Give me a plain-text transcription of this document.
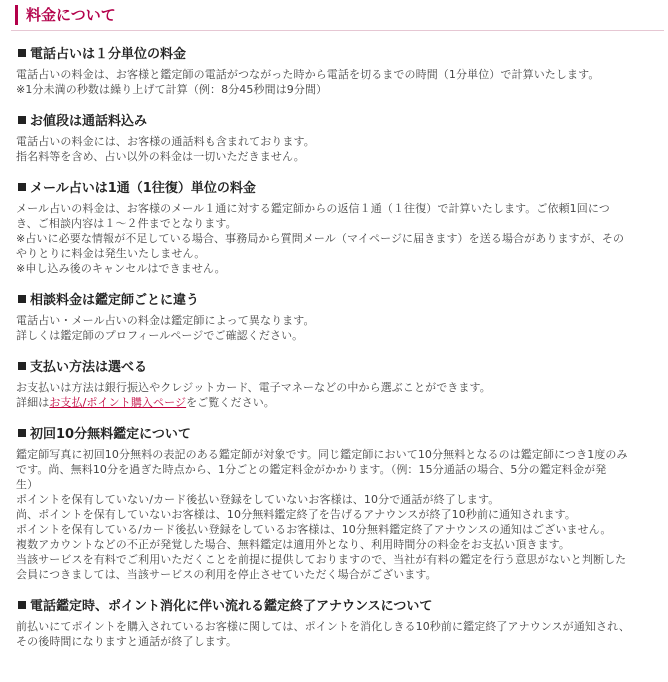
料金について
電話占いは１分単位の料金

電話占いの料金は、お客様と鑑定師の電話がつながった時から電話を切るまでの時間（1分単位）で計算いたします。
※1分未満の秒数は繰り上げて計算（例：8分45秒間は9分間）

お値段は通話料込み

電話占いの料金には、お客様の通話料も含まれております。
指名料等を含め、占い以外の料金は一切いただきません。

メール占いは1通（1往復）単位の料金

メール占いの料金は、お客様のメール１通に対する鑑定師からの返信１通（１往復）で計算いたします。ご依頼1回につ
き、ご相談内容は１～２件までとなります。
※占いに必要な情報が不足している場合、事務局から質問メール（マイページに届きます）を送る場合がありますが、その
やりとりに料金は発生いたしません。
※申し込み後のキャンセルはできません。

相談料金は鑑定師ごとに違う

電話占い・メール占いの料金は鑑定師によって異なります。
詳しくは鑑定師のプロフィールページでご確認ください。

支払い方法は選べる

お支払いは方法は銀行振込やクレジットカード、電子マネーなどの中から選ぶことができます。
詳細はお支払/ポイント購入ページをご覧ください。

初回10分無料鑑定について

鑑定師写真に初回10分無料の表記のある鑑定師が対象です。同じ鑑定師において10分無料となるのは鑑定師につき1度のみ
です。尚、無料10分を過ぎた時点から、1分ごとの鑑定料金がかかります。（例：15分通話の場合、5分の鑑定料金が発
生）
ポイントを保有していない/カード後払い登録をしていないお客様は、10分で通話が終了します。
尚、ポイントを保有していないお客様は、10分無料鑑定終了を告げるアナウンスが終了10秒前に通知されます。
ポイントを保有している/カード後払い登録をしているお客様は、10分無料鑑定終了アナウンスの通知はございません。
複数アカウントなどの不正が発覚した場合、無料鑑定は適用外となり、利用時間分の料金をお支払い頂きます。
当該サービスを有料でご利用いただくことを前提に提供しておりますので、当社が有料の鑑定を行う意思がないと判断した
会員につきましては、当該サービスの利用を停止させていただく場合がございます。

電話鑑定時、ポイント消化に伴い流れる鑑定終了アナウンスについて

前払いにてポイントを購入されているお客様に関しては、ポイントを消化しきる10秒前に鑑定終了アナウンスが通知され、
その後時間になりますと通話が終了します。
